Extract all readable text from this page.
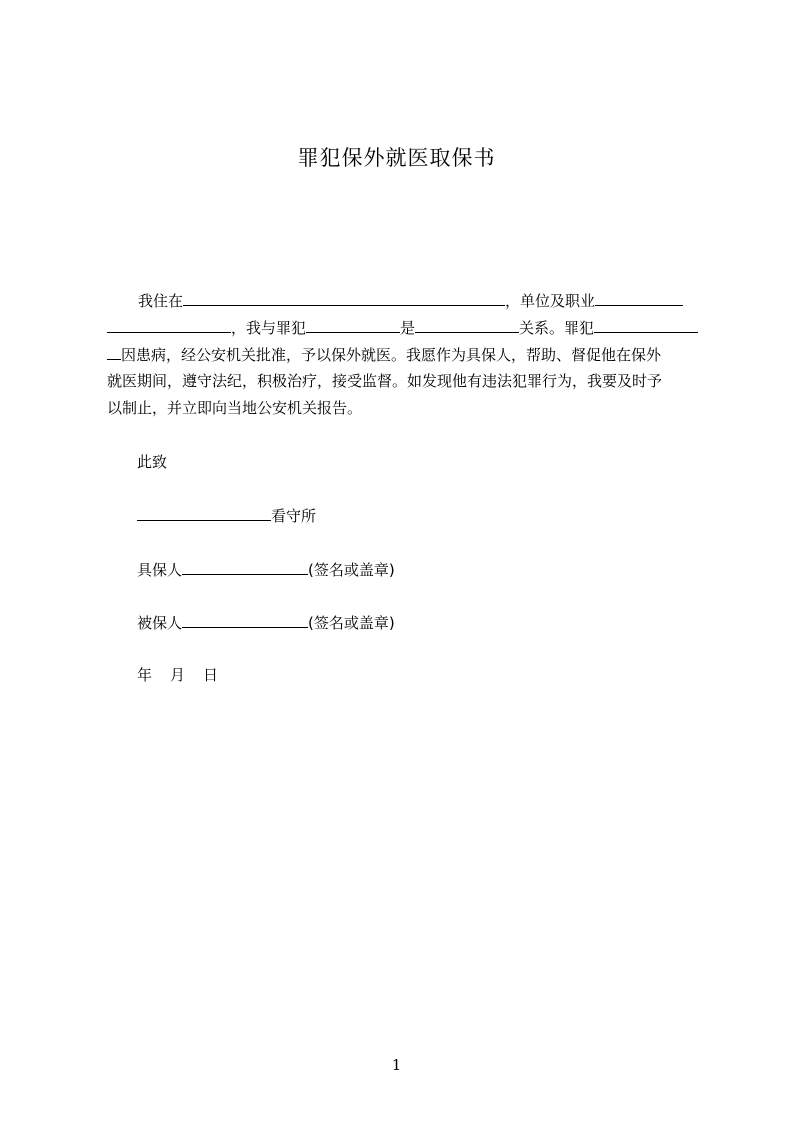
罪犯保外就医取保书
我住在	，单位及职业
，我与罪犯	是	关系。罪犯
因患病，经公安机关批准，予以保外就医。我愿作为具保人，帮助、督促他在保外
就医期间，遵守法纪，积极治疗，接受监督。如发现他有违法犯罪行为，我要及时予
以制止，并立即向当地公安机关报告。
此致
看守所
具保人	(签名或盖章)
被保人	(签名或盖章)
年 月 日
1
